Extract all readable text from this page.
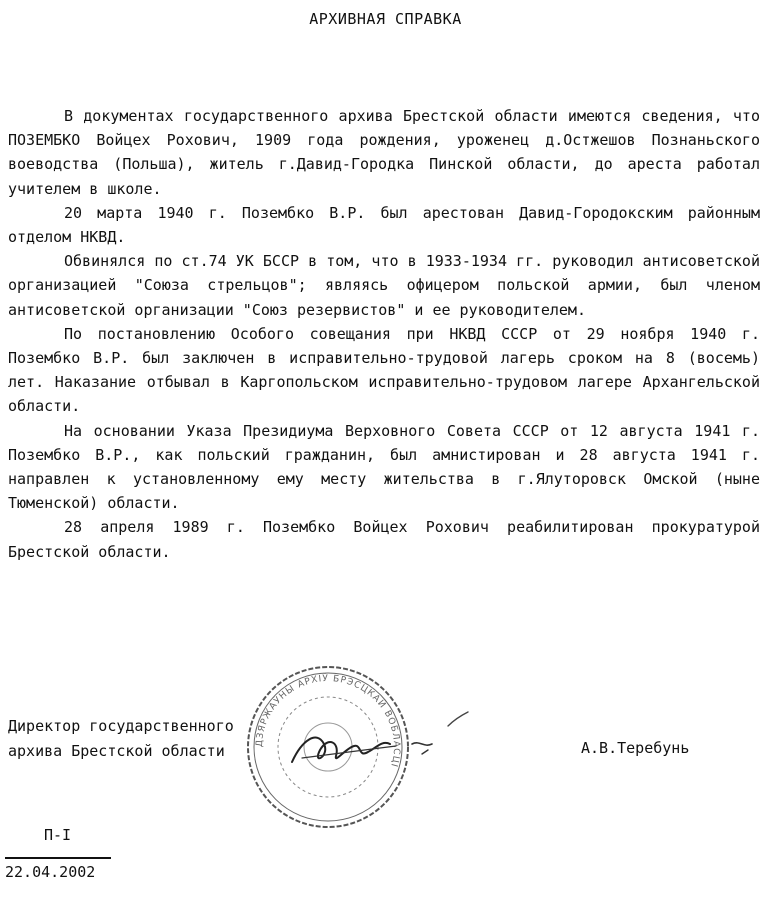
АРХИВНАЯ СПРАВКА

В документах государственного архива Брестской области имеются сведения, что ПОЗЕМБКО Войцех Рохович, 1909 года рождения, уроженец д.Остжешов Познаньского воеводства (Польша), житель г.Давид-Городка Пинской области, до ареста работал учителем в школе.

20 марта 1940 г. Позембко В.Р. был арестован Давид-Городокским районным отделом НКВД.

Обвинялся по ст.74 УК БССР в том, что в 1933-1934 гг. руководил антисоветской организацией "Союза стрельцов"; являясь офицером польской армии, был членом антисоветской организации "Союз резервистов" и ее руководителем.

По постановлению Особого совещания при НКВД СССР от 29 ноября 1940 г. Позембко В.Р. был заключен в исправительно-трудовой лагерь сроком на 8 (восемь) лет. Наказание отбывал в Каргопольском исправительно-трудовом лагере Архангельской области.

На основании Указа Президиума Верховного Совета СССР от 12 августа 1941 г. Позембко В.Р., как польский гражданин, был амнистирован и 28 августа 1941 г. направлен к установленному ему месту жительства в г.Ялуторовск Омской (ныне Тюменской) области.

28 апреля 1989 г. Позембко Войцех Рохович реабилитирован прокуратурой Брестской области.

ДЗЯРЖАЎНЫ АРХІЎ БРЭСЦКАЙ ВОБЛАСЦІ
Директор государственного
архива Брестской области	А.В.Теребунь
П-I
22.04.2002
